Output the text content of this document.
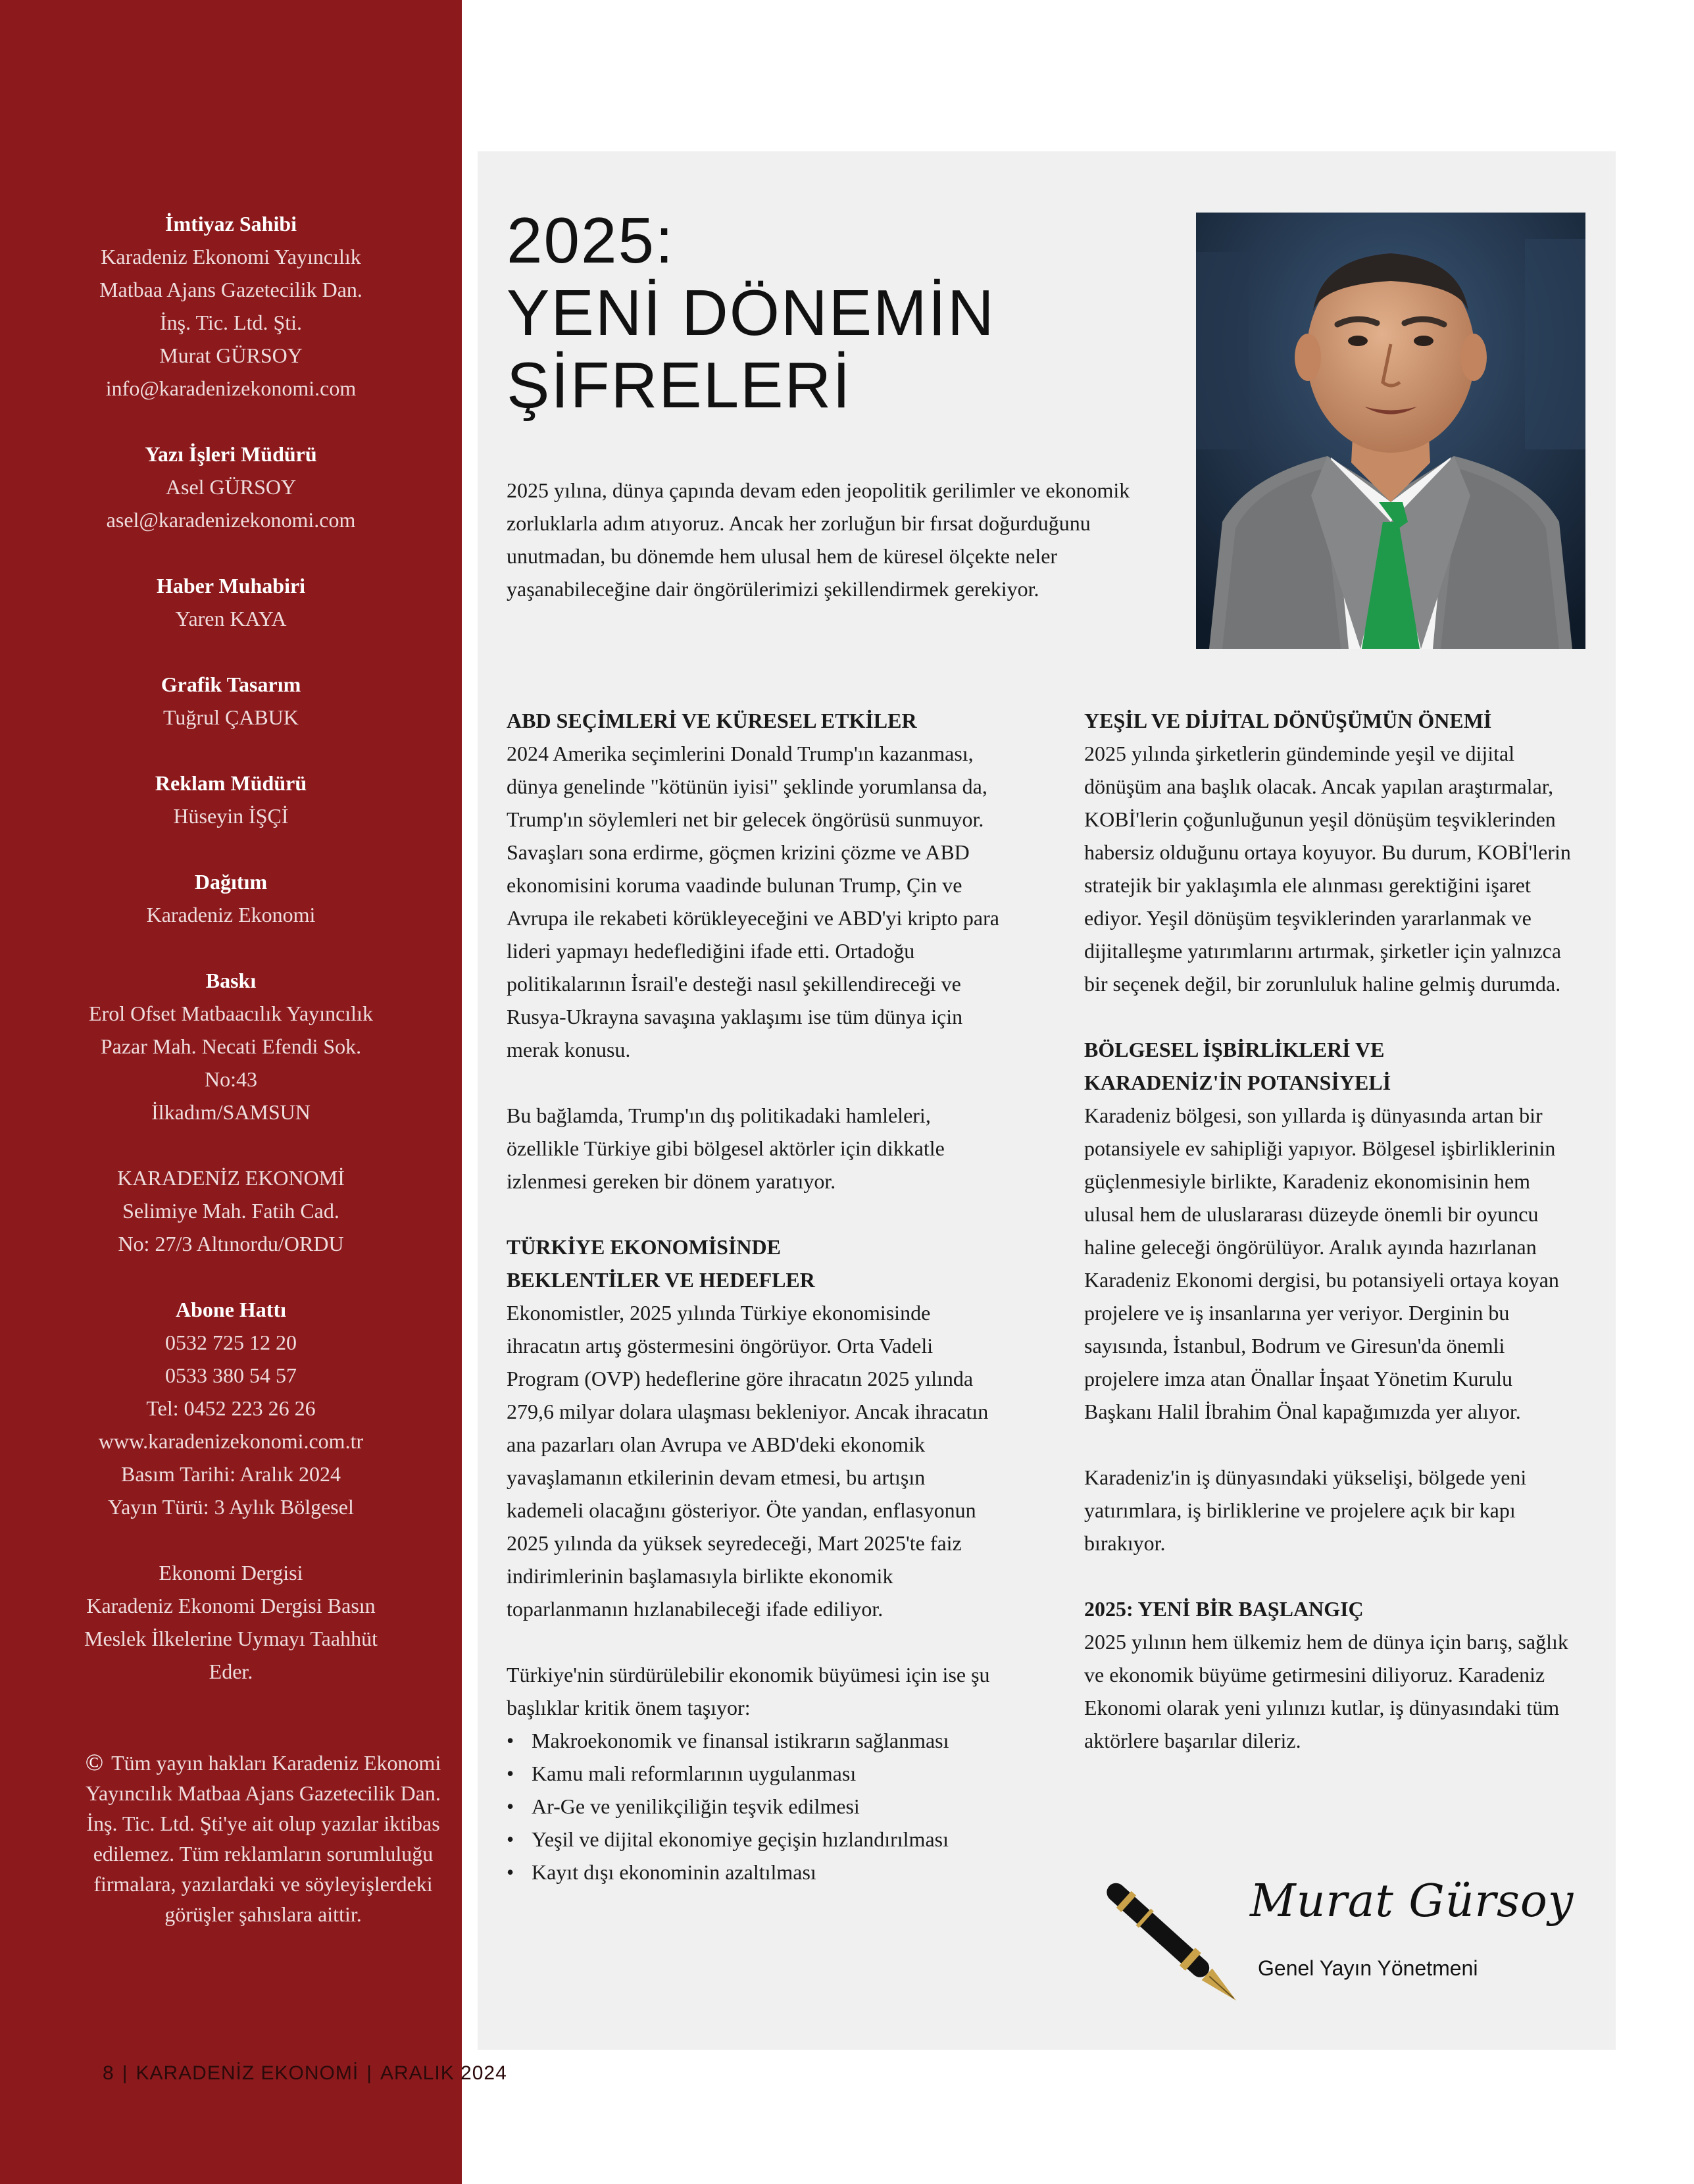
İmtiyaz Sahibi
Karadeniz Ekonomi Yayıncılık
Matbaa Ajans Gazetecilik Dan.
İnş. Tic. Ltd. Şti.
Murat GÜRSOY
info@karadenizekonomi.com
Yazı İşleri Müdürü
Asel GÜRSOY
asel@karadenizekonomi.com
Haber Muhabiri
Yaren KAYA
Grafik Tasarım
Tuğrul ÇABUK
Reklam Müdürü
Hüseyin İŞÇİ
Dağıtım
Karadeniz Ekonomi
Baskı
Erol Ofset Matbaacılık Yayıncılık
Pazar Mah. Necati Efendi Sok.
No:43
İlkadım/SAMSUN
KARADENİZ EKONOMİ
Selimiye Mah. Fatih Cad.
No: 27/3 Altınordu/ORDU
Abone Hattı
0532 725 12 20
0533 380 54 57
Tel: 0452 223 26 26
www.karadenizekonomi.com.tr
Basım Tarihi: Aralık 2024
Yayın Türü: 3 Aylık Bölgesel
Ekonomi Dergisi
Karadeniz Ekonomi Dergisi Basın
Meslek İlkelerine Uymayı Taahhüt
Eder.
© Tüm yayın hakları Karadeniz Ekonomi Yayıncılık Matbaa Ajans Gazetecilik Dan. İnş. Tic. Ltd. Şti'ye ait olup yazılar iktibas edilemez. Tüm reklamların sorumluluğu firmalara, yazılardaki ve söyleyişlerdeki görüşler şahıslara aittir.
8 | KARADENİZ EKONOMİ | ARALIK 2024
2025:
YENİ DÖNEMİN
ŞİFRELERİ
2025 yılına, dünya çapında devam eden jeopolitik gerilimler ve ekonomik zorluklarla adım atıyoruz. Ancak her zorluğun bir fırsat doğurduğunu unutmadan, bu dönemde hem ulusal hem de küresel ölçekte neler yaşanabileceğine dair öngörülerimizi şekillendirmek gerekiyor.
ABD SEÇİMLERİ VE KÜRESEL ETKİLER
2024 Amerika seçimlerini Donald Trump'ın kazanması, dünya genelinde "kötünün iyisi" şeklinde yorumlansa da, Trump'ın söylemleri net bir gelecek öngörüsü sunmuyor. Savaşları sona erdirme, göçmen krizini çözme ve ABD ekonomisini koruma vaadinde bulunan Trump, Çin ve Avrupa ile rekabeti körükleyeceğini ve ABD'yi kripto para lideri yapmayı hedeflediğini ifade etti. Ortadoğu politikalarının İsrail'e desteği nasıl şekillendireceği ve Rusya-Ukrayna savaşına yaklaşımı ise tüm dünya için merak konusu.
Bu bağlamda, Trump'ın dış politikadaki hamleleri, özellikle Türkiye gibi bölgesel aktörler için dikkatle izlenmesi gereken bir dönem yaratıyor.
TÜRKİYE EKONOMİSİNDE
BEKLENTİLER VE HEDEFLER
Ekonomistler, 2025 yılında Türkiye ekonomisinde ihracatın artış göstermesini öngörüyor. Orta Vadeli Program (OVP) hedeflerine göre ihracatın 2025 yılında 279,6 milyar dolara ulaşması bekleniyor. Ancak ihracatın ana pazarları olan Avrupa ve ABD'deki ekonomik yavaşlamanın etkilerinin devam etmesi, bu artışın kademeli olacağını gösteriyor. Öte yandan, enflasyonun 2025 yılında da yüksek seyredeceği, Mart 2025'te faiz indirimlerinin başlamasıyla birlikte ekonomik toparlanmanın hızlanabileceği ifade ediliyor.
Türkiye'nin sürdürülebilir ekonomik büyümesi için ise şu başlıklar kritik önem taşıyor:
• Makroekonomik ve finansal istikrarın sağlanması
• Kamu mali reformlarının uygulanması
• Ar-Ge ve yenilikçiliğin teşvik edilmesi
• Yeşil ve dijital ekonomiye geçişin hızlandırılması
• Kayıt dışı ekonominin azaltılması
YEŞİL VE DİJİTAL DÖNÜŞÜMÜN ÖNEMİ
2025 yılında şirketlerin gündeminde yeşil ve dijital dönüşüm ana başlık olacak. Ancak yapılan araştırmalar, KOBİ'lerin çoğunluğunun yeşil dönüşüm teşviklerinden habersiz olduğunu ortaya koyuyor. Bu durum, KOBİ'lerin stratejik bir yaklaşımla ele alınması gerektiğini işaret ediyor. Yeşil dönüşüm teşviklerinden yararlanmak ve dijitalleşme yatırımlarını artırmak, şirketler için yalnızca bir seçenek değil, bir zorunluluk haline gelmiş durumda.
BÖLGESEL İŞBİRLİKLERİ VE
KARADENİZ'İN POTANSİYELİ
Karadeniz bölgesi, son yıllarda iş dünyasında artan bir potansiyele ev sahipliği yapıyor. Bölgesel işbirliklerinin güçlenmesiyle birlikte, Karadeniz ekonomisinin hem ulusal hem de uluslararası düzeyde önemli bir oyuncu haline geleceği öngörülüyor. Aralık ayında hazırlanan Karadeniz Ekonomi dergisi, bu potansiyeli ortaya koyan projelere ve iş insanlarına yer veriyor. Derginin bu sayısında, İstanbul, Bodrum ve Giresun'da önemli projelere imza atan Önallar İnşaat Yönetim Kurulu Başkanı Halil İbrahim Önal kapağımızda yer alıyor.
Karadeniz'in iş dünyasındaki yükselişi, bölgede yeni yatırımlara, iş birliklerine ve projelere açık bir kapı bırakıyor.
2025: YENİ BİR BAŞLANGIÇ
2025 yılının hem ülkemiz hem de dünya için barış, sağlık ve ekonomik büyüme getirmesini diliyoruz. Karadeniz Ekonomi olarak yeni yılınızı kutlar, iş dünyasındaki tüm aktörlere başarılar dileriz.
Murat Gürsoy
Genel Yayın Yönetmeni
